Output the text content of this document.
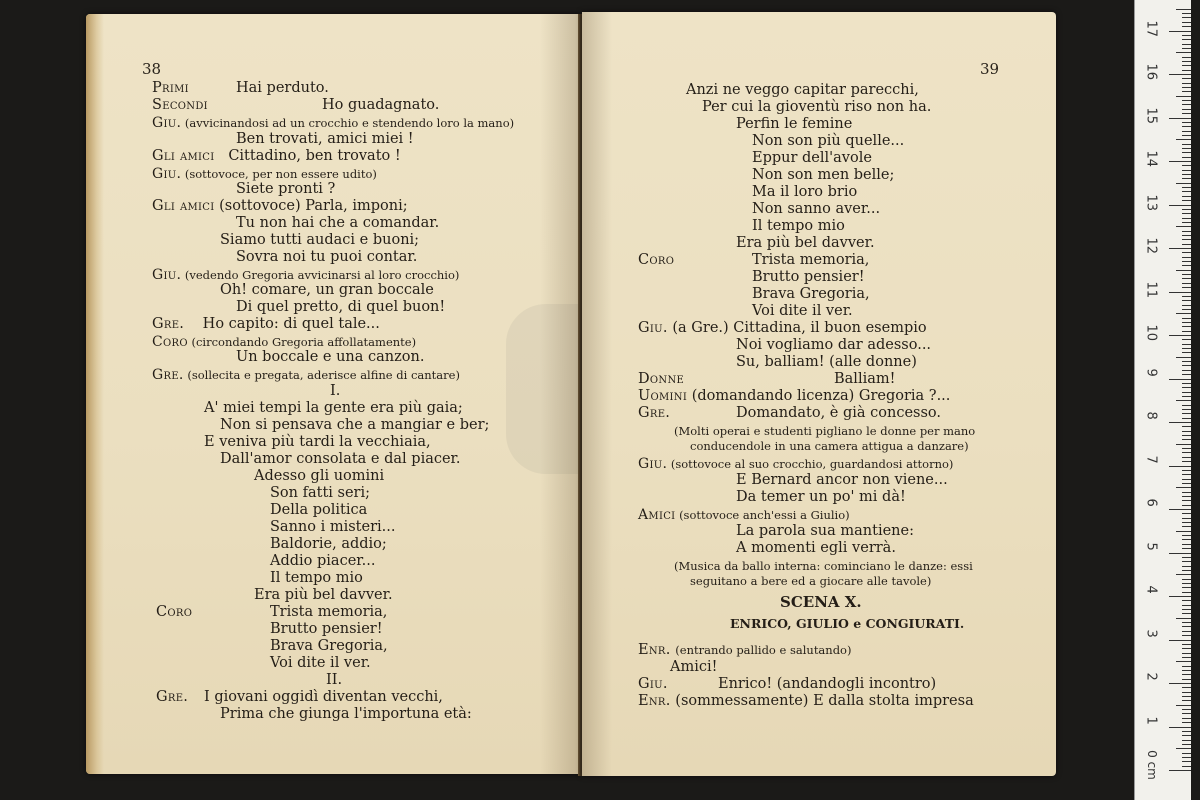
38
Primi	Hai perduto.
Secondi	Ho guadagnato.
Giu. (avvicinandosi ad un crocchio e stendendo loro la mano)
Ben trovati, amici miei !
Gli amici Cittadino, ben trovato !
Giu. (sottovoce, per non essere udito)
Siete pronti ?
Gli amici (sottovoce) Parla, imponi;
Tu non hai che a comandar.
Siamo tutti audaci e buoni;
Sovra noi tu puoi contar.
Giu. (vedendo Gregoria avvicinarsi al loro crocchio)
Oh! comare, un gran boccale
Di quel pretto, di quel buon!
Gre. Ho capito: di quel tale...
Coro (circondando Gregoria affollatamente)
Un boccale e una canzon.
Gre. (sollecita e pregata, aderisce alfine di cantare)
I.
A' miei tempi la gente era più gaia;
Non si pensava che a mangiar e ber;
E veniva più tardi la vecchiaia,
Dall'amor consolata e dal piacer.
Adesso gli uomini
Son fatti seri;
Della politica
Sanno i misteri...
Baldorie, addio;
Addio piacer...
Il tempo mio
Era più bel davver.
Coro	Trista memoria,
Brutto pensier!
Brava Gregoria,
Voi dite il ver.
II.
Gre. I giovani oggidì diventan vecchi,
Prima che giunga l'importuna età:
39
Anzi ne veggo capitar parecchi,
Per cui la gioventù riso non ha.
Perfin le femine
Non son più quelle...
Eppur dell'avole
Non son men belle;
Ma il loro brio
Non sanno aver...
Il tempo mio
Era più bel davver.
Coro	Trista memoria,
Brutto pensier!
Brava Gregoria,
Voi dite il ver.
Giu. (a Gre.) Cittadina, il buon esempio
Noi vogliamo dar adesso...
Su, balliam! (alle donne)
Donne	Balliam!
Uomini (domandando licenza) Gregoria ?...
Gre.	Domandato, è già concesso.
(Molti operai e studenti pigliano le donne per mano
conducendole in una camera attigua a danzare)
Giu. (sottovoce al suo crocchio, guardandosi attorno)
E Bernard ancor non viene...
Da temer un po' mi dà!
Amici (sottovoce anch'essi a Giulio)
La parola sua mantiene:
A momenti egli verrà.
(Musica da ballo interna: cominciano le danze: essi
seguitano a bere ed a giocare alle tavole)
SCENA X.
ENRICO, GIULIO e CONGIURATI.
Enr. (entrando pallido e salutando)
Amici!
Giu.	Enrico! (andandogli incontro)
Enr. (sommessamente) E dalla stolta impresa
1
2
3
4
5
6
7
8
9
10
11
12
13
14
15
16
17
0 cm
